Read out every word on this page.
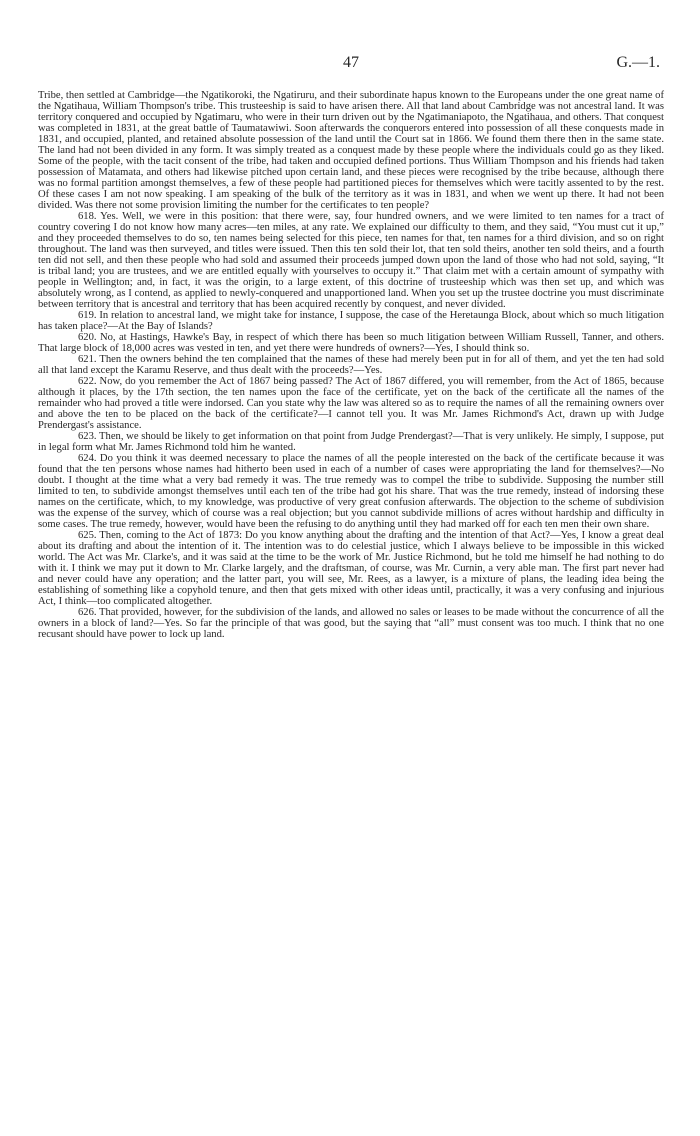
47	G.—1.

Tribe, then settled at Cambridge—the Ngatikoroki, the Ngatiruru, and their subordinate hapus known to the Europeans under the one great name of the Ngatihaua, William Thompson's tribe. This trusteeship is said to have arisen there. All that land about Cambridge was not ancestral land. It was territory conquered and occupied by Ngatimaru, who were in their turn driven out by the Ngatimaniapoto, the Ngatihaua, and others. That conquest was completed in 1831, at the great battle of Taumatawiwi. Soon afterwards the conquerors entered into possession of all these conquests made in 1831, and occupied, planted, and retained absolute possession of the land until the Court sat in 1866. We found them there then in the same state. The land had not been divided in any form. It was simply treated as a conquest made by these people where the individuals could go as they liked. Some of the people, with the tacit consent of the tribe, had taken and occupied defined portions. Thus William Thompson and his friends had taken possession of Matamata, and others had likewise pitched upon certain land, and these pieces were recognised by the tribe because, although there was no formal partition amongst themselves, a few of these people had partitioned pieces for themselves which were tacitly assented to by the rest. Of these cases I am not now speaking. I am speaking of the bulk of the territory as it was in 1831, and when we went up there. It had not been divided. Was there not some provision limiting the number for the certificates to ten people?

618. Yes. Well, we were in this position: that there were, say, four hundred owners, and we were limited to ten names for a tract of country covering I do not know how many acres—ten miles, at any rate. We explained our difficulty to them, and they said, “You must cut it up,” and they proceeded themselves to do so, ten names being selected for this piece, ten names for that, ten names for a third division, and so on right throughout. The land was then surveyed, and titles were issued. Then this ten sold their lot, that ten sold theirs, another ten sold theirs, and a fourth ten did not sell, and then these people who had sold and assumed their proceeds jumped down upon the land of those who had not sold, saying, “It is tribal land; you are trustees, and we are entitled equally with yourselves to occupy it.” That claim met with a certain amount of sympathy with people in Wellington; and, in fact, it was the origin, to a large extent, of this doctrine of trusteeship which was then set up, and which was absolutely wrong, as I contend, as applied to newly-conquered and unapportioned land. When you set up the trustee doctrine you must discriminate between territory that is ancestral and territory that has been acquired recently by conquest, and never divided.

619. In relation to ancestral land, we might take for instance, I suppose, the case of the Heretaunga Block, about which so much litigation has taken place?—At the Bay of Islands?

620. No, at Hastings, Hawke's Bay, in respect of which there has been so much litigation between William Russell, Tanner, and others. That large block of 18,000 acres was vested in ten, and yet there were hundreds of owners?—Yes, I should think so.

621. Then the owners behind the ten complained that the names of these had merely been put in for all of them, and yet the ten had sold all that land except the Karamu Reserve, and thus dealt with the proceeds?—Yes.

622. Now, do you remember the Act of 1867 being passed? The Act of 1867 differed, you will remember, from the Act of 1865, because although it places, by the 17th section, the ten names upon the face of the certificate, yet on the back of the certificate all the names of the remainder who had proved a title were indorsed. Can you state why the law was altered so as to require the names of all the remaining owners over and above the ten to be placed on the back of the certificate?—I cannot tell you. It was Mr. James Richmond's Act, drawn up with Judge Prendergast's assistance.

623. Then, we should be likely to get information on that point from Judge Prendergast?—That is very unlikely. He simply, I suppose, put in legal form what Mr. James Richmond told him he wanted.

624. Do you think it was deemed necessary to place the names of all the people interested on the back of the certificate because it was found that the ten persons whose names had hitherto been used in each of a number of cases were appropriating the land for themselves?—No doubt. I thought at the time what a very bad remedy it was. The true remedy was to compel the tribe to subdivide. Supposing the number still limited to ten, to subdivide amongst themselves until each ten of the tribe had got his share. That was the true remedy, instead of indorsing these names on the certificate, which, to my knowledge, was productive of very great confusion afterwards. The objection to the scheme of subdivision was the expense of the survey, which of course was a real objection; but you cannot subdivide millions of acres without hardship and difficulty in some cases. The true remedy, however, would have been the refusing to do anything until they had marked off for each ten men their own share.

625. Then, coming to the Act of 1873: Do you know anything about the drafting and the intention of that Act?—Yes, I know a great deal about its drafting and about the intention of it. The intention was to do celestial justice, which I always believe to be impossible in this wicked world. The Act was Mr. Clarke's, and it was said at the time to be the work of Mr. Justice Richmond, but he told me himself he had nothing to do with it. I think we may put it down to Mr. Clarke largely, and the draftsman, of course, was Mr. Curnin, a very able man. The first part never had and never could have any operation; and the latter part, you will see, Mr. Rees, as a lawyer, is a mixture of plans, the leading idea being the establishing of something like a copyhold tenure, and then that gets mixed with other ideas until, practically, it was a very confusing and injurious Act, I think—too complicated altogether.

626. That provided, however, for the subdivision of the lands, and allowed no sales or leases to be made without the concurrence of all the owners in a block of land?—Yes. So far the principle of that was good, but the saying that “all” must consent was too much. I think that no one recusant should have power to lock up land.
